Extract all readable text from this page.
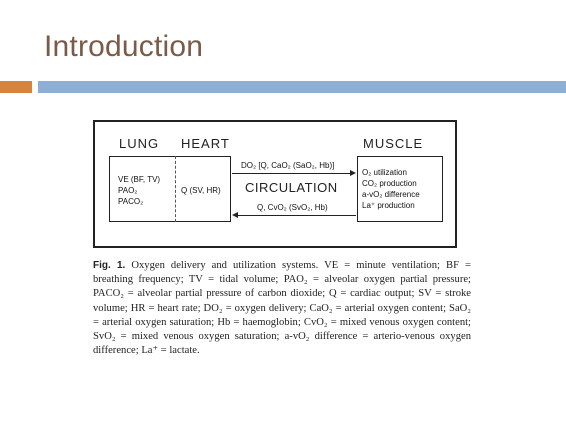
Introduction
LUNG HEART	MUSCLE
VE (BF, TV)
PAO₂
PACO₂
Q (SV, HR)
O₂ utilization
CO₂ production
a-vO₂ difference
La⁺ production
DO₂ [Q, CaO₂ (SaO₂, Hb)]
CIRCULATION
Q, CvO₂ (SvO₂, Hb)
Fig. 1. Oxygen delivery and utilization systems. VE = minute ventilation; BF = breathing frequency; TV = tidal volume; PAO₂ = alveolar oxygen partial pressure; PACO₂ = alveolar partial pressure of carbon dioxide; Q = cardiac output; SV = stroke volume; HR = heart rate; DO₂ = oxygen delivery; CaO₂ = arterial oxygen content; SaO₂ = arterial oxygen saturation; Hb = haemoglobin; CvO₂ = mixed venous oxygen content; SvO₂ = mixed venous oxygen saturation; a-vO₂ difference = arterio-venous oxygen difference; La⁺ = lactate.
